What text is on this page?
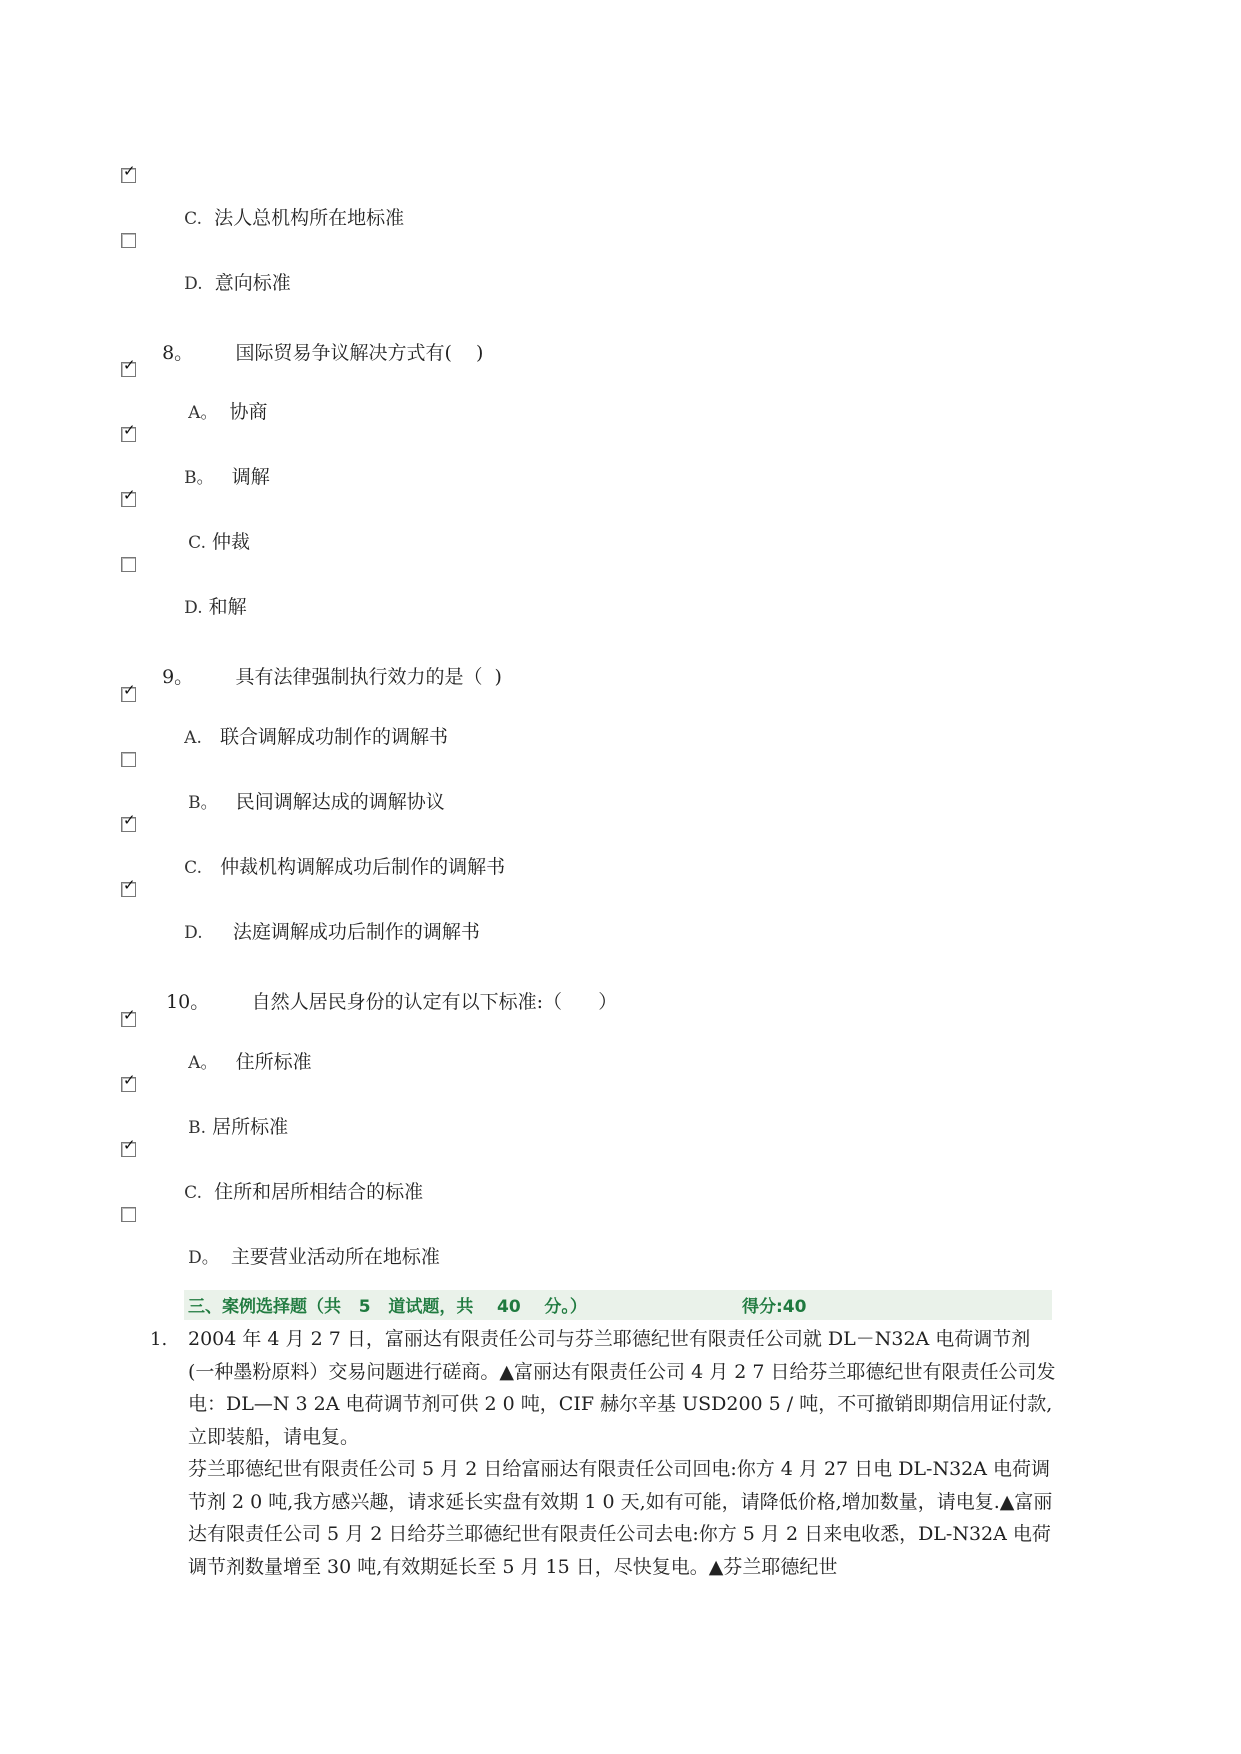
✓

C. 法人总机构所在地标准

D. 意向标准

8。 国际贸易争议解决方式有(    )

✓

A。 协商

✓

B。 调解

✓

C. 仲裁

D. 和解

9。 具有法律强制执行效力的是（  )

✓

A. 联合调解成功制作的调解书

B。 民间调解达成的调解协议

✓

C. 仲裁机构调解成功后制作的调解书

✓

D. 法庭调解成功后制作的调解书

10。 自然人居民身份的认定有以下标准:（      ）

✓

A。 住所标准

✓

B. 居所标准

✓

C. 住所和居所相结合的标准

D。 主要营业活动所在地标准

三、案例选择题（共   5   道试题，共    40    分。）	得分:40
1. 2004 年 4 月 2 7 日，富丽达有限责任公司与芬兰耶德纪世有限责任公司就 DL－N32A 电荷调节剂(一种墨粉原料）交易问题进行磋商。▲富丽达有限责任公司 4 月 2 7 日给芬兰耶德纪世有限责任公司发电：DL—N 3 2A 电荷调节剂可供 2 0 吨，CIF 赫尔辛基 USD200 5 / 吨，不可撤销即期信用证付款,立即装船，请电复。
芬兰耶德纪世有限责任公司 5 月 2 日给富丽达有限责任公司回电:你方 4 月 27 日电 DL-N32A 电荷调节剂 2 0 吨,我方感兴趣，请求延长实盘有效期 1 0 天,如有可能，请降低价格,增加数量，请电复.▲富丽达有限责任公司 5 月 2 日给芬兰耶德纪世有限责任公司去电:你方 5 月 2 日来电收悉，DL-N32A 电荷调节剂数量增至 30 吨,有效期延长至 5 月 15 日，尽快复电。▲芬兰耶德纪世
